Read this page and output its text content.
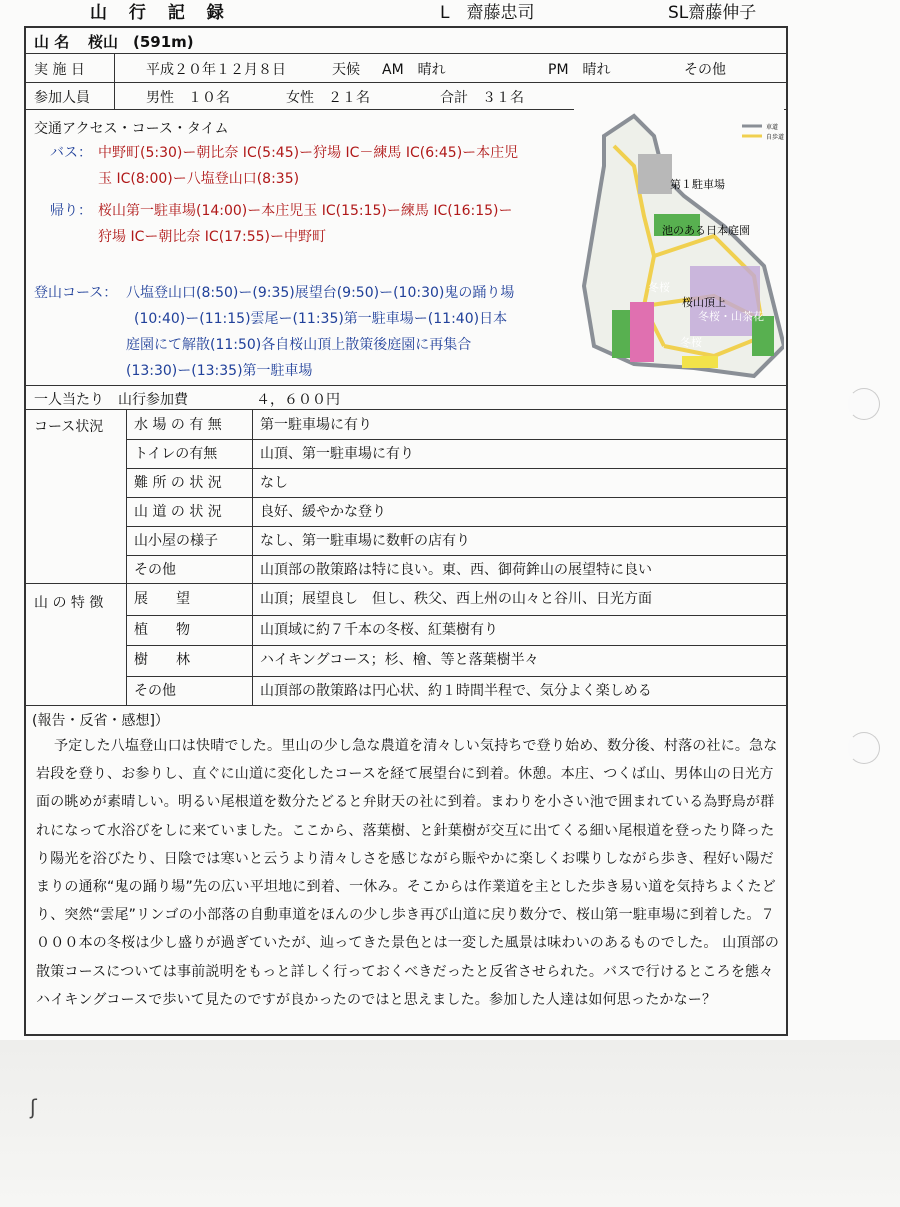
ʃ
山 行 記 録	L　齋藤忠司	SL齋藤伸子
山 名 桜山　(591m)
実 施 日	平成２０年１２月８日	天候 AM　晴れ	PM　晴れ	その他
参加人員	男性　１０名	女性　２１名	合計　３１名
交通アクセス・コース・タイム
バス： 中野町(5:30)ー朝比奈 IC(5:45)ー狩場 IC－練馬 IC(6:45)ー本庄児
玉 IC(8:00)ー八塩登山口(8:35)
帰り： 桜山第一駐車場(14:00)ー本庄児玉 IC(15:15)ー練馬 IC(16:15)ー
狩場 ICー朝比奈 IC(17:55)ー中野町
登山コース： 八塩登山口(8:50)ー(9:35)展望台(9:50)ー(10:30)鬼の踊り場
(10:40)ー(11:15)雲尾ー(11:35)第一駐車場ー(11:40)日本
庭園にて解散(11:50)各自桜山頂上散策後庭園に再集合
(13:30)ー(13:35)第一駐車場
車道
自歩道
第１駐車場
池のある日本庭園
桜山頂上
冬桜
冬桜
冬桜・山茶花
一人当たり　山行参加費	４，６００円
コース状況 水 場 の 有 無	第一駐車場に有り
トイレの有無	山頂、第一駐車場に有り
難 所 の 状 況	なし
山 道 の 状 況	良好、緩やかな登り
山小屋の様子	なし、第一駐車場に数軒の店有り
その他	山頂部の散策路は特に良い。東、西、御荷鉾山の展望特に良い
山 の 特 徴 展　　望	山頂；展望良し　但し、秩父、西上州の山々と谷川、日光方面
植　　物	山頂域に約７千本の冬桜、紅葉樹有り
樹　　林	ハイキングコース；杉、檜、等と落葉樹半々
その他	山頂部の散策路は円心状、約１時間半程で、気分よく楽しめる
(報告・反省・感想]）

予定した八塩登山口は快晴でした。里山の少し急な農道を清々しい気持ちで登り始め、数分後、村落の社に。急な岩段を登り、お参りし、直ぐに山道に変化したコースを経て展望台に到着。休憩。本庄、つくば山、男体山の日光方面の眺めが素晴しい。明るい尾根道を数分たどると弁財天の社に到着。まわりを小さい池で囲まれている為野鳥が群れになって水浴びをしに来ていました。ここから、落葉樹、と針葉樹が交互に出てくる細い尾根道を登ったり降ったり陽光を浴びたり、日陰では寒いと云うより清々しさを感じながら賑やかに楽しくお喋りしながら歩き、程好い陽だまりの通称“鬼の踊り場”先の広い平坦地に到着、一休み。そこからは作業道を主とした歩き易い道を気持ちよくたどり、突然“雲尾”リンゴの小部落の自動車道をほんの少し歩き再び山道に戻り数分で、桜山第一駐車場に到着した。７０００本の冬桜は少し盛りが過ぎていたが、辿ってきた景色とは一変した風景は味わいのあるものでした。 山頂部の散策コースについては事前説明をもっと詳しく行っておくべきだったと反省させられた。バスで行けるところを態々ハイキングコースで歩いて見たのですが良かったのではと思えました。参加した人達は如何思ったかなー？
